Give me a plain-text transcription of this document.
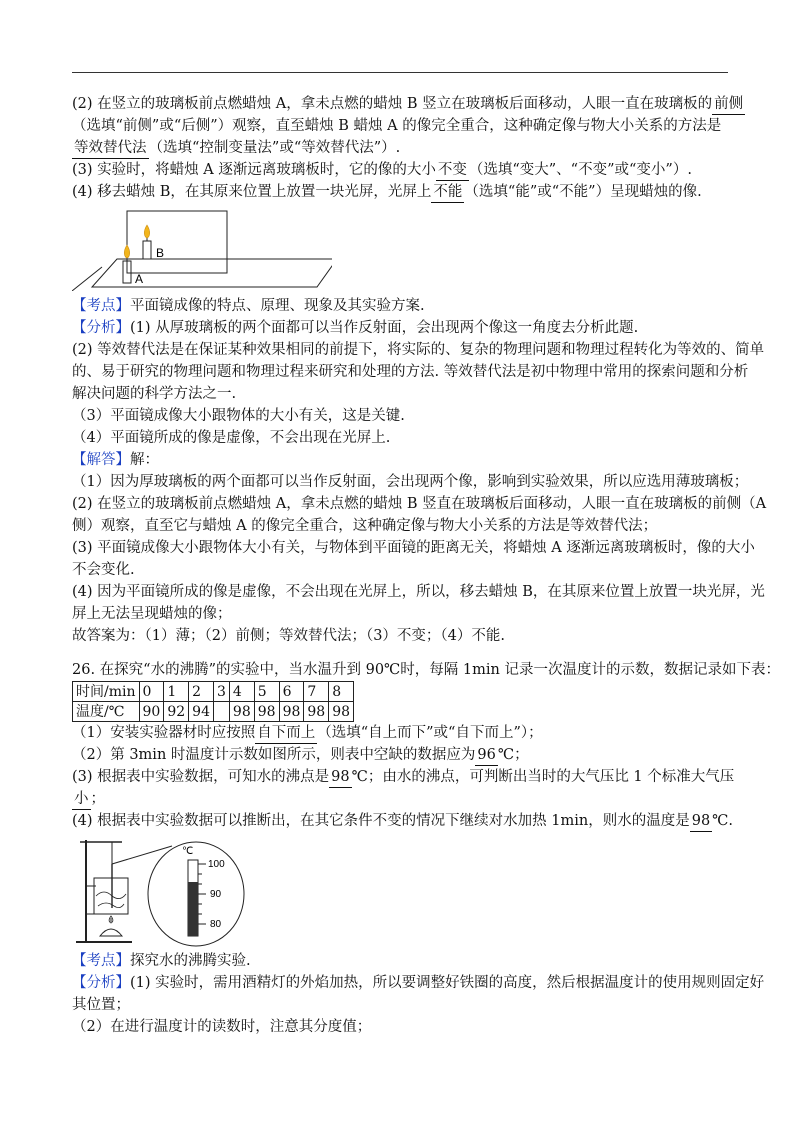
(2) 在竖立的玻璃板前点燃蜡烛 A，拿未点燃的蜡烛 B 竖立在玻璃板后面移动，人眼一直在玻璃板的 前侧
（选填“前侧”或“后侧”）观察，直至蜡烛 B 蜡烛 A 的像完全重合，这种确定像与物大小关系的方法是
等效替代法 （选填“控制变量法”或“等效替代法”）.
(3) 实验时，将蜡烛 A 逐渐远离玻璃板时，它的像的大小 不变 （选填“变大”、“不变”或“变小”）.
(4) 移去蜡烛 B，在其原来位置上放置一块光屏，光屏上 不能 （选填“能”或“不能”）呈现蜡烛的像.
B
A
【考点】平面镜成像的特点、原理、现象及其实验方案.
【分析】(1) 从厚玻璃板的两个面都可以当作反射面，会出现两个像这一角度去分析此题.
(2) 等效替代法是在保证某种效果相同的前提下，将实际的、复杂的物理问题和物理过程转化为等效的、简单
的、易于研究的物理问题和物理过程来研究和处理的方法. 等效替代法是初中物理中常用的探索问题和分析
解决问题的科学方法之一.
（3）平面镜成像大小跟物体的大小有关，这是关键.
（4）平面镜所成的像是虚像，不会出现在光屏上.
【解答】解：
（1）因为厚玻璃板的两个面都可以当作反射面，会出现两个像，影响到实验效果，所以应选用薄玻璃板；
(2) 在竖立的玻璃板前点燃蜡烛 A，拿未点燃的蜡烛 B 竖直在玻璃板后面移动，人眼一直在玻璃板的前侧（A
侧）观察，直至它与蜡烛 A 的像完全重合，这种确定像与物大小关系的方法是等效替代法；
(3) 平面镜成像大小跟物体大小有关，与物体到平面镜的距离无关，将蜡烛 A 逐渐远离玻璃板时，像的大小
不会变化.
(4) 因为平面镜所成的像是虚像，不会出现在光屏上，所以，移去蜡烛 B，在其原来位置上放置一块光屏，光
屏上无法呈现蜡烛的像；
故答案为：（1）薄；（2）前侧；等效替代法；（3）不变；（4）不能.
26. 在探究“水的沸腾”的实验中，当水温升到 90℃时，每隔 1min 记录一次温度计的示数，数据记录如下表：
时间/min	0	1	2	3	4	5	6	7	8
温度/℃	90	92	94		98	98	98	98	98
（1）安装实验器材时应按照 自下而上 （选填“自上而下”或“自下而上”）；
（2）第 3min 时温度计示数如图所示，则表中空缺的数据应为 96 ℃；
(3) 根据表中实验数据，可知水的沸点是 98 ℃；由水的沸点，可判断出当时的大气压比 1 个标准大气压
小 ；
(4) 根据表中实验数据可以推断出，在其它条件不变的情况下继续对水加热 1min，则水的温度是 98 ℃.
℃
100
90
80
【考点】探究水的沸腾实验.
【分析】(1) 实验时，需用酒精灯的外焰加热，所以要调整好铁圈的高度，然后根据温度计的使用规则固定好
其位置；
（2）在进行温度计的读数时，注意其分度值；
